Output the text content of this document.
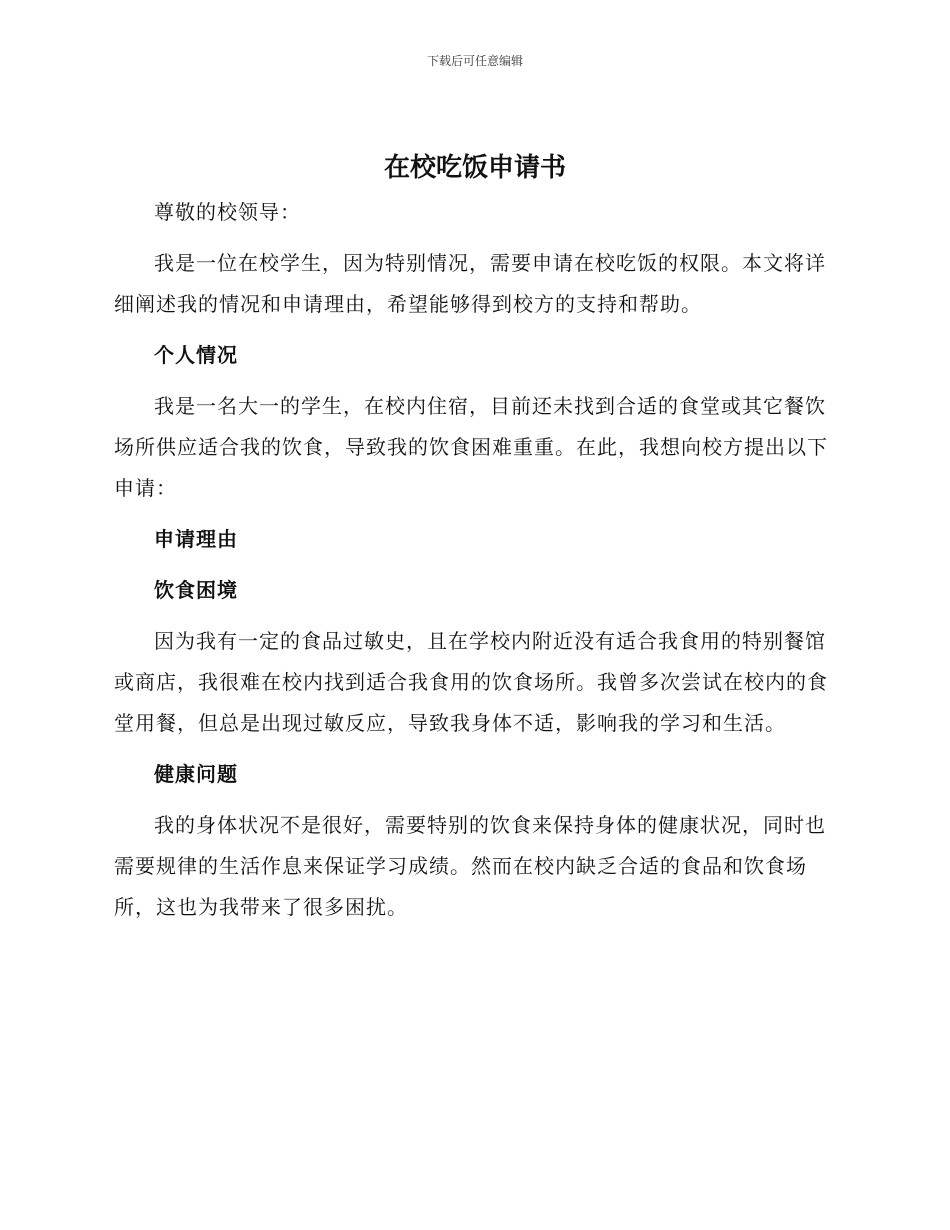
下载后可任意编辑
在校吃饭申请书

尊敬的校领导：

我是一位在校学生，因为特别情况，需要申请在校吃饭的权限。本文将详细阐述我的情况和申请理由，希望能够得到校方的支持和帮助。

个人情况

我是一名大一的学生，在校内住宿，目前还未找到合适的食堂或其它餐饮场所供应适合我的饮食，导致我的饮食困难重重。在此，我想向校方提出以下申请：

申请理由

饮食困境

因为我有一定的食品过敏史，且在学校内附近没有适合我食用的特别餐馆或商店，我很难在校内找到适合我食用的饮食场所。我曾多次尝试在校内的食堂用餐，但总是出现过敏反应，导致我身体不适，影响我的学习和生活。

健康问题

我的身体状况不是很好，需要特别的饮食来保持身体的健康状况，同时也需要规律的生活作息来保证学习成绩。然而在校内缺乏合适的食品和饮食场所，这也为我带来了很多困扰。
